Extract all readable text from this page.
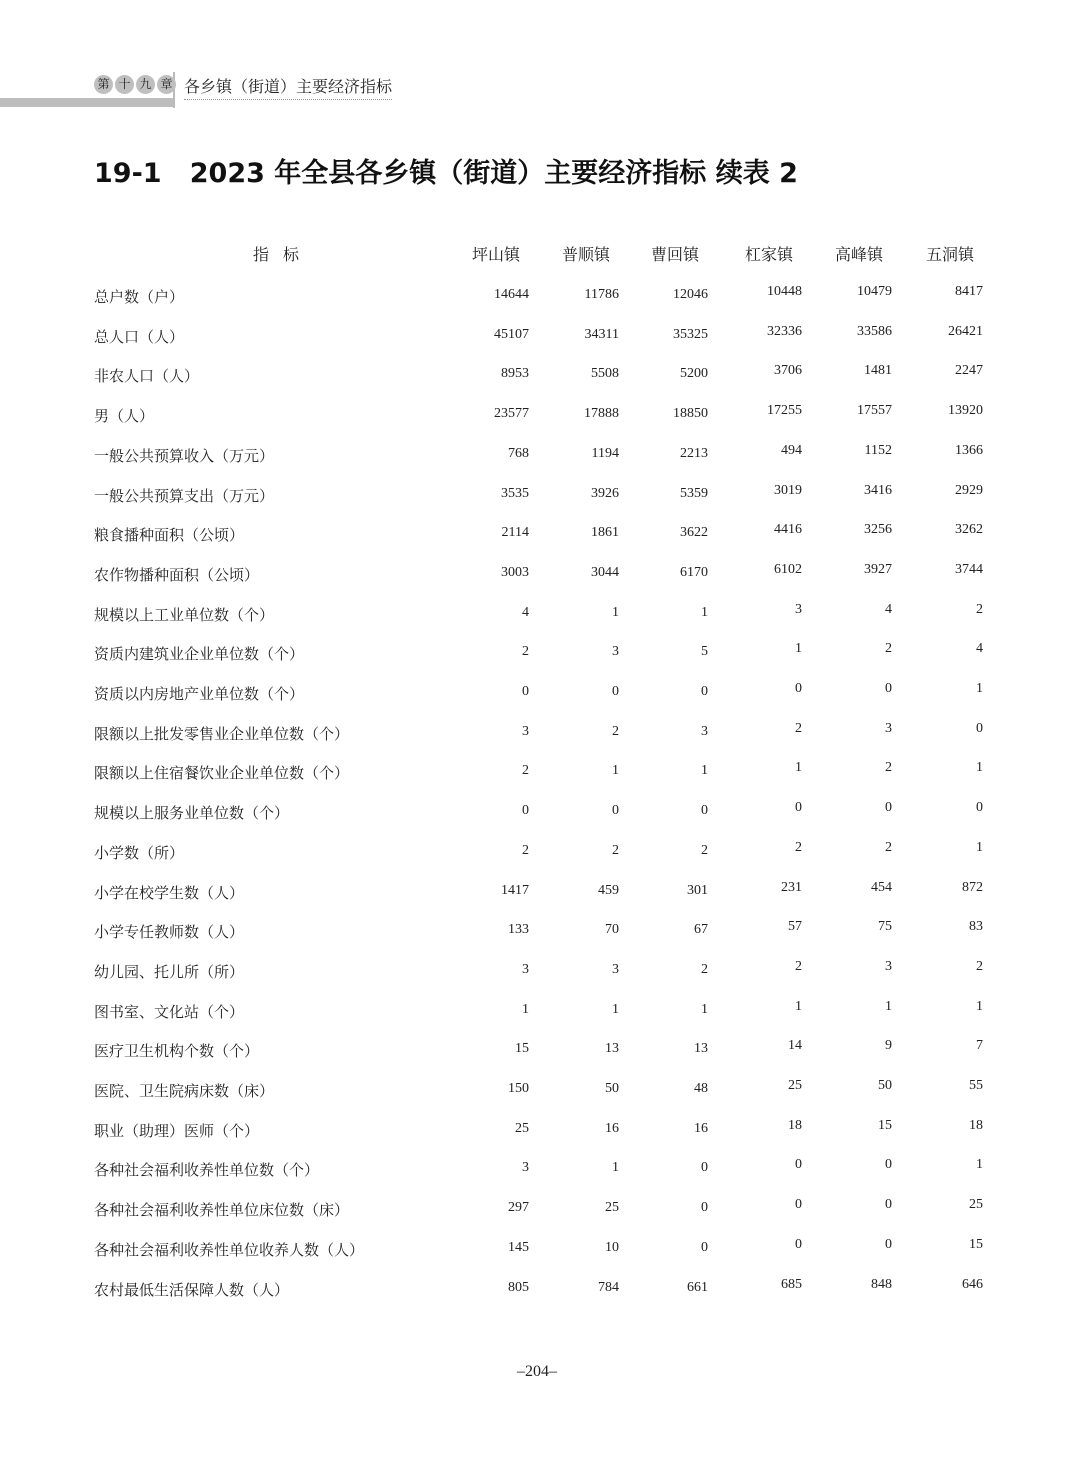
第 十 九 章 各乡镇（街道）主要经济指标
19-1   2023 年全县各乡镇（街道）主要经济指标 续表 2
指标	坪山镇	普顺镇	曹回镇	杠家镇	高峰镇	五洞镇
总户数（户）	14644	11786	12046	10448	10479	8417
总人口（人）	45107	34311	35325	32336	33586	26421
非农人口（人）	8953	5508	5200	3706	1481	2247
男（人）	23577	17888	18850	17255	17557	13920
一般公共预算收入（万元）	768	1194	2213	494	1152	1366
一般公共预算支出（万元）	3535	3926	5359	3019	3416	2929
粮食播种面积（公顷）	2114	1861	3622	4416	3256	3262
农作物播种面积（公顷）	3003	3044	6170	6102	3927	3744
规模以上工业单位数（个）	4	1	1	3	4	2
资质内建筑业企业单位数（个）	2	3	5	1	2	4
资质以内房地产业单位数（个）	0	0	0	0	0	1
限额以上批发零售业企业单位数（个）	3	2	3	2	3	0
限额以上住宿餐饮业企业单位数（个）	2	1	1	1	2	1
规模以上服务业单位数（个）	0	0	0	0	0	0
小学数（所）	2	2	2	2	2	1
小学在校学生数（人）	1417	459	301	231	454	872
小学专任教师数（人）	133	70	67	57	75	83
幼儿园、托儿所（所）	3	3	2	2	3	2
图书室、文化站（个）	1	1	1	1	1	1
医疗卫生机构个数（个）	15	13	13	14	9	7
医院、卫生院病床数（床）	150	50	48	25	50	55
职业（助理）医师（个）	25	16	16	18	15	18
各种社会福利收养性单位数（个）	3	1	0	0	0	1
各种社会福利收养性单位床位数（床）	297	25	0	0	0	25
各种社会福利收养性单位收养人数（人）	145	10	0	0	0	15
农村最低生活保障人数（人）	805	784	661	685	848	646
–204–
